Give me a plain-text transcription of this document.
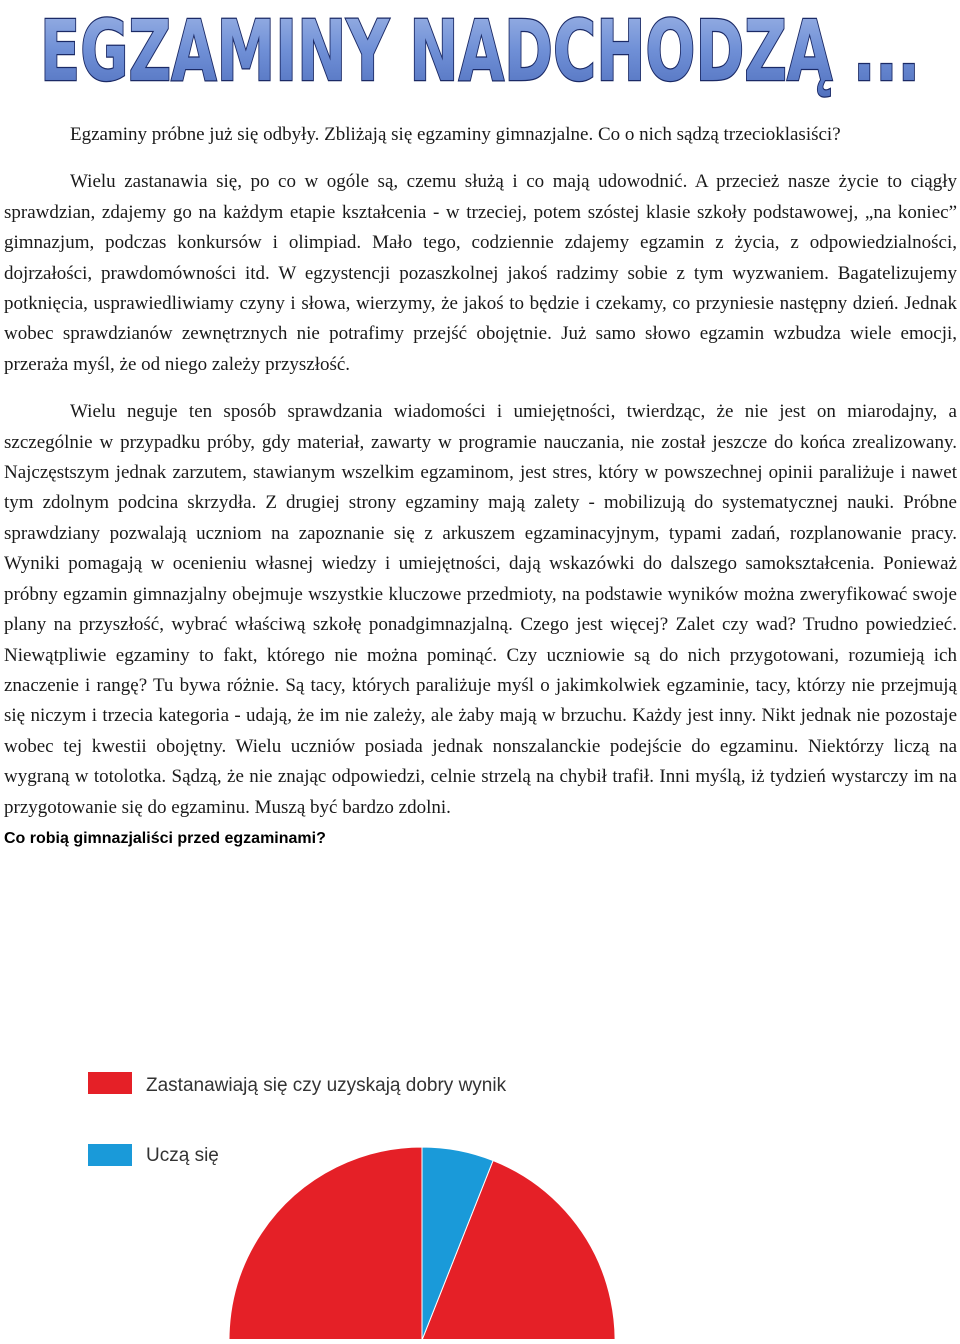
EGZAMINY NADCHODZĄ ...

Egzaminy próbne już się odbyły. Zbliżają się egzaminy gimnazjalne. Co o nich sądzą trzecioklasiści?

Wielu zastanawia się, po co w ogóle są, czemu służą i co mają udowodnić. A przecież nasze życie to ciągły sprawdzian, zdajemy go na każdym etapie kształcenia - w trzeciej, potem szóstej klasie szkoły podstawowej, „na koniec” gimnazjum, podczas konkursów i olimpiad. Mało tego, codziennie zdajemy egzamin z życia, z odpowiedzialności, dojrzałości, prawdomówności itd. W egzystencji pozaszkolnej jakoś radzimy sobie z tym wyzwaniem. Bagatelizujemy potknięcia, usprawiedliwiamy czyny i słowa, wierzymy, że jakoś to będzie i czekamy, co przyniesie następny dzień. Jednak wobec sprawdzianów zewnętrznych nie potrafimy przejść obojętnie. Już samo słowo egzamin wzbudza wiele emocji, przeraża myśl, że od niego zależy przyszłość.

Wielu neguje ten sposób sprawdzania wiadomości i umiejętności, twierdząc, że nie jest on miarodajny, a szczególnie w przypadku próby, gdy materiał, zawarty w programie nauczania, nie został jeszcze do końca zrealizowany. Najczęstszym jednak zarzutem, stawianym wszelkim egzaminom, jest stres, który w powszechnej opinii paraliżuje i nawet tym zdolnym podcina skrzydła. Z drugiej strony egzaminy mają zalety - mobilizują do systematycznej nauki. Próbne sprawdziany pozwalają uczniom na zapoznanie się z arkuszem egzaminacyjnym, typami zadań, rozplanowanie pracy. Wyniki pomagają w ocenieniu własnej wiedzy i umiejętności, dają wskazówki do dalszego samokształcenia. Ponieważ próbny egzamin gimnazjalny obejmuje wszystkie kluczowe przedmioty, na podstawie wyników można zweryfikować swoje plany na przyszłość, wybrać właściwą szkołę ponadgimnazjalną. Czego jest więcej? Zalet czy wad? Trudno powiedzieć. Niewątpliwie egzaminy to fakt, którego nie można pominąć. Czy uczniowie są do nich przygotowani, rozumieją ich znaczenie i rangę? Tu bywa różnie. Są tacy, których paraliżuje myśl o jakimkolwiek egzaminie, tacy, którzy nie przejmują się niczym i trzecia kategoria - udają, że im nie zależy, ale żaby mają w brzuchu. Każdy jest inny. Nikt jednak nie pozostaje wobec tej kwestii obojętny. Wielu uczniów posiada jednak nonszalanckie podejście do egzaminu. Niektórzy liczą na wygraną w totolotka. Sądzą, że nie znając odpowiedzi, celnie strzelą na chybił trafił. Inni myślą, iż tydzień wystarczy im na przygotowanie się do egzaminu. Muszą być bardzo zdolni.

Co robią gimnazjaliści przed egzaminami?

Zastanawiają się czy uzyskają dobry wynik
Uczą się
